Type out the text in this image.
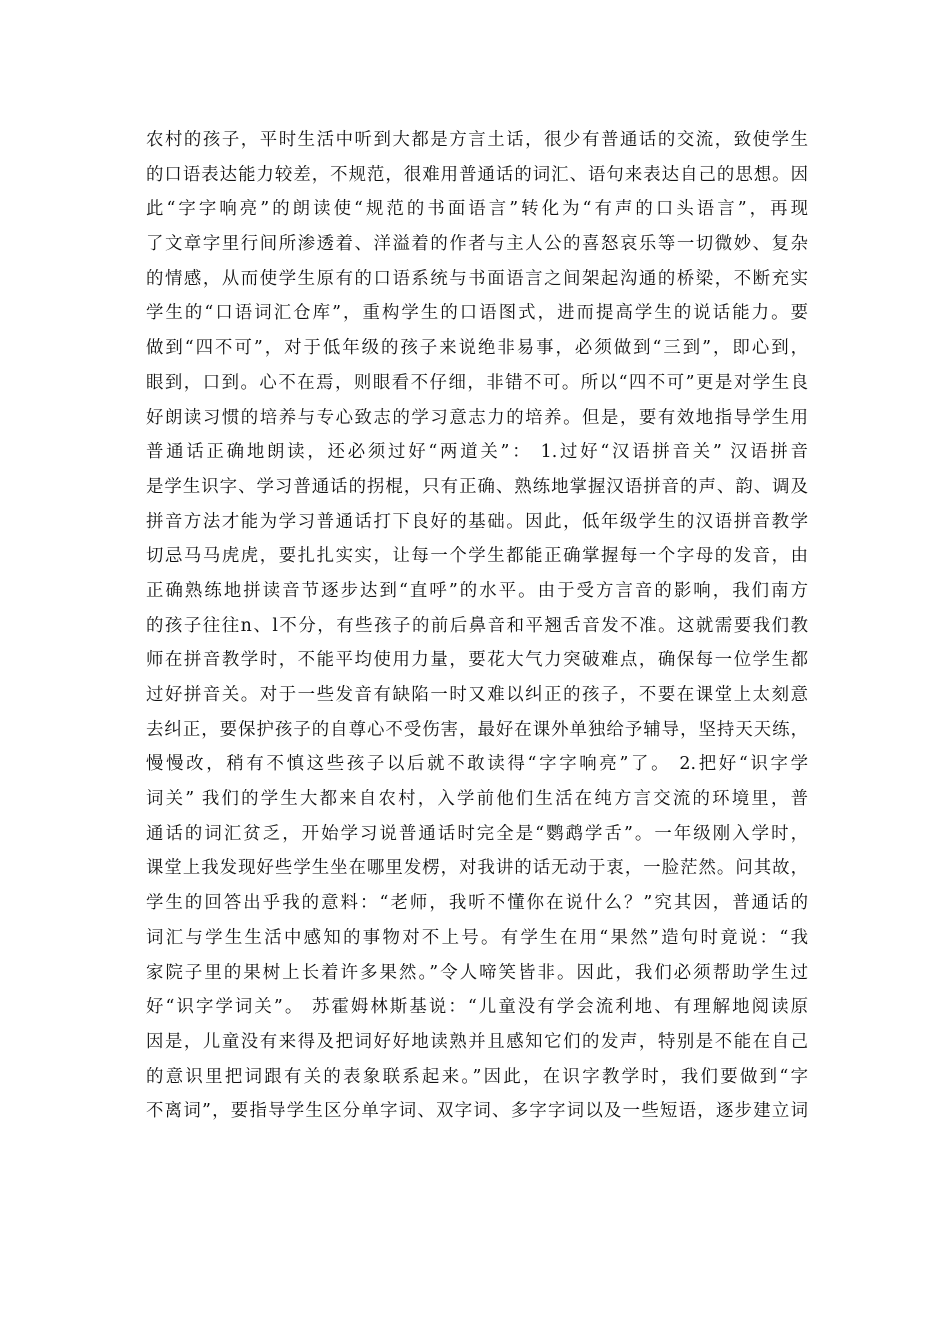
农村的孩子，平时生活中听到大都是方言土话，很少有普通话的交流，致使学生
的口语表达能力较差，不规范，很难用普通话的词汇、语句来表达自己的思想。因
此“字字响亮”的朗读使“规范的书面语言”转化为“有声的口头语言”，再现
了文章字里行间所渗透着、洋溢着的作者与主人公的喜怒哀乐等一切微妙、复杂
的情感，从而使学生原有的口语系统与书面语言之间架起沟通的桥梁，不断充实
学生的“口语词汇仓库”，重构学生的口语图式，进而提高学生的说话能力。要
做到“四不可”，对于低年级的孩子来说绝非易事，必须做到“三到”，即心到，
眼到，口到。心不在焉，则眼看不仔细，非错不可。所以“四不可”更是对学生良
好朗读习惯的培养与专心致志的学习意志力的培养。但是，要有效地指导学生用
普通话正确地朗读，还必须过好“两道关”： 1.过好“汉语拼音关” 汉语拼音
是学生识字、学习普通话的拐棍，只有正确、熟练地掌握汉语拼音的声、韵、调及
拼音方法才能为学习普通话打下良好的基础。因此，低年级学生的汉语拼音教学
切忌马马虎虎，要扎扎实实，让每一个学生都能正确掌握每一个字母的发音，由
正确熟练地拼读音节逐步达到“直呼”的水平。由于受方言音的影响，我们南方
的孩子往往n、l不分，有些孩子的前后鼻音和平翘舌音发不准。这就需要我们教
师在拼音教学时，不能平均使用力量，要花大气力突破难点，确保每一位学生都
过好拼音关。对于一些发音有缺陷一时又难以纠正的孩子，不要在课堂上太刻意
去纠正，要保护孩子的自尊心不受伤害，最好在课外单独给予辅导，坚持天天练，
慢慢改，稍有不慎这些孩子以后就不敢读得“字字响亮”了。 2.把好“识字学
词关” 我们的学生大都来自农村，入学前他们生活在纯方言交流的环境里，普
通话的词汇贫乏，开始学习说普通话时完全是“鹦鹉学舌”。一年级刚入学时，
课堂上我发现好些学生坐在哪里发楞，对我讲的话无动于衷，一脸茫然。问其故，
学生的回答出乎我的意料：“老师，我听不懂你在说什么？”究其因，普通话的
词汇与学生生活中感知的事物对不上号。有学生在用“果然”造句时竟说：“我
家院子里的果树上长着许多果然。”令人啼笑皆非。因此，我们必须帮助学生过
好“识字学词关”。 苏霍姆林斯基说：“儿童没有学会流利地、有理解地阅读原
因是，儿童没有来得及把词好好地读熟并且感知它们的发声，特别是不能在自己
的意识里把词跟有关的表象联系起来。”因此，在识字教学时，我们要做到“字
不离词”，要指导学生区分单字词、双字词、多字字词以及一些短语，逐步建立词
